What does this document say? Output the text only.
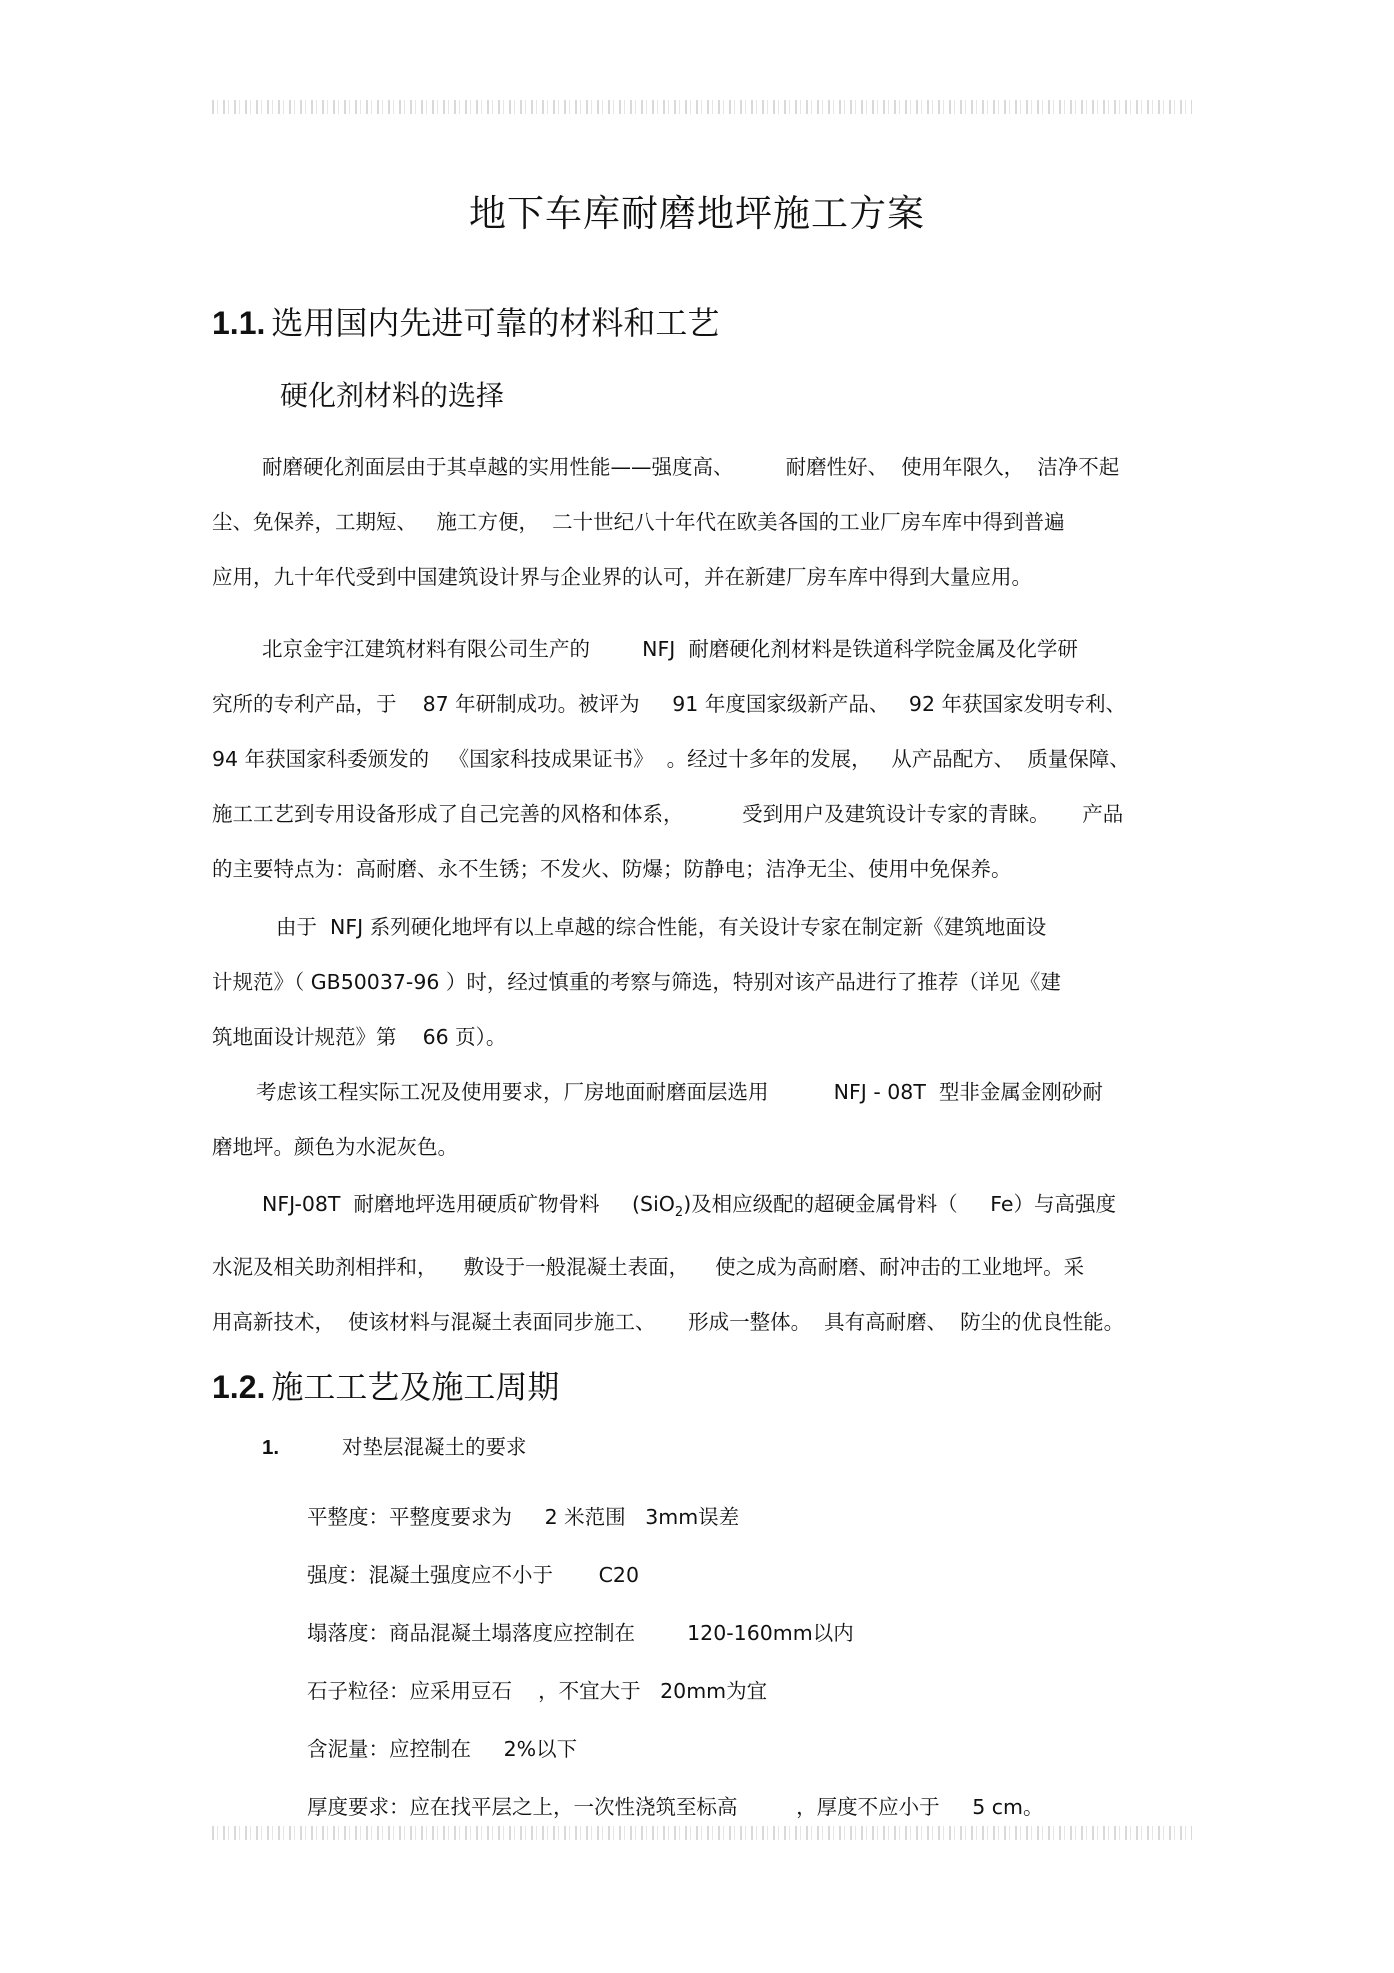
地下车库耐磨地坪施工方案
1.1. 选用国内先进可靠的材料和工艺
硬化剂材料的选择
耐磨硬化剂面层由于其卓越的实用性能——强度高、        耐磨性好、  使用年限久，  洁净不起
尘、免保养，工期短、   施工方便，  二十世纪八十年代在欧美各国的工业厂房车库中得到普遍
应用，九十年代受到中国建筑设计界与企业界的认可，并在新建厂房车库中得到大量应用。
北京金宇江建筑材料有限公司生产的        NFJ  耐磨硬化剂材料是铁道科学院金属及化学研
究所的专利产品，于    87 年研制成功。被评为     91 年度国家级新产品、   92 年获国家发明专利、
94 年获国家科委颁发的   《国家科技成果证书》  。经过十多年的发展，   从产品配方、  质量保障、
施工工艺到专用设备形成了自己完善的风格和体系，         受到用户及建筑设计专家的青睐。     产品
的主要特点为：高耐磨、永不生锈；不发火、防爆；防静电；洁净无尘、使用中免保养。
由于  NFJ 系列硬化地坪有以上卓越的综合性能，有关设计专家在制定新《建筑地面设
计规范》（ GB50037-96 ）时，经过慎重的考察与筛选，特别对该产品进行了推荐（详见《建
筑地面设计规范》第    66 页）。
考虑该工程实际工况及使用要求，厂房地面耐磨面层选用          NFJ - 08T  型非金属金刚砂耐
磨地坪。颜色为水泥灰色。
NFJ-08T  耐磨地坪选用硬质矿物骨料     (SiO$_2$)及相应级配的超硬金属骨料（     Fe）与高强度
水泥及相关助剂相拌和，    敷设于一般混凝土表面，    使之成为高耐磨、耐冲击的工业地坪。采
用高新技术，  使该材料与混凝土表面同步施工、     形成一整体。  具有高耐磨、  防尘的优良性能。
1.2. 施工工艺及施工周期
1.	对垫层混凝土的要求
平整度：平整度要求为     2 米范围   3mm误差
强度：混凝土强度应不小于       C20
塌落度：商品混凝土塌落度应控制在        120-160mm以内
石子粒径：应采用豆石    ，不宜大于   20mm为宜
含泥量：应控制在     2%以下
厚度要求：应在找平层之上，一次性浇筑至标高         ，厚度不应小于     5 cm。
